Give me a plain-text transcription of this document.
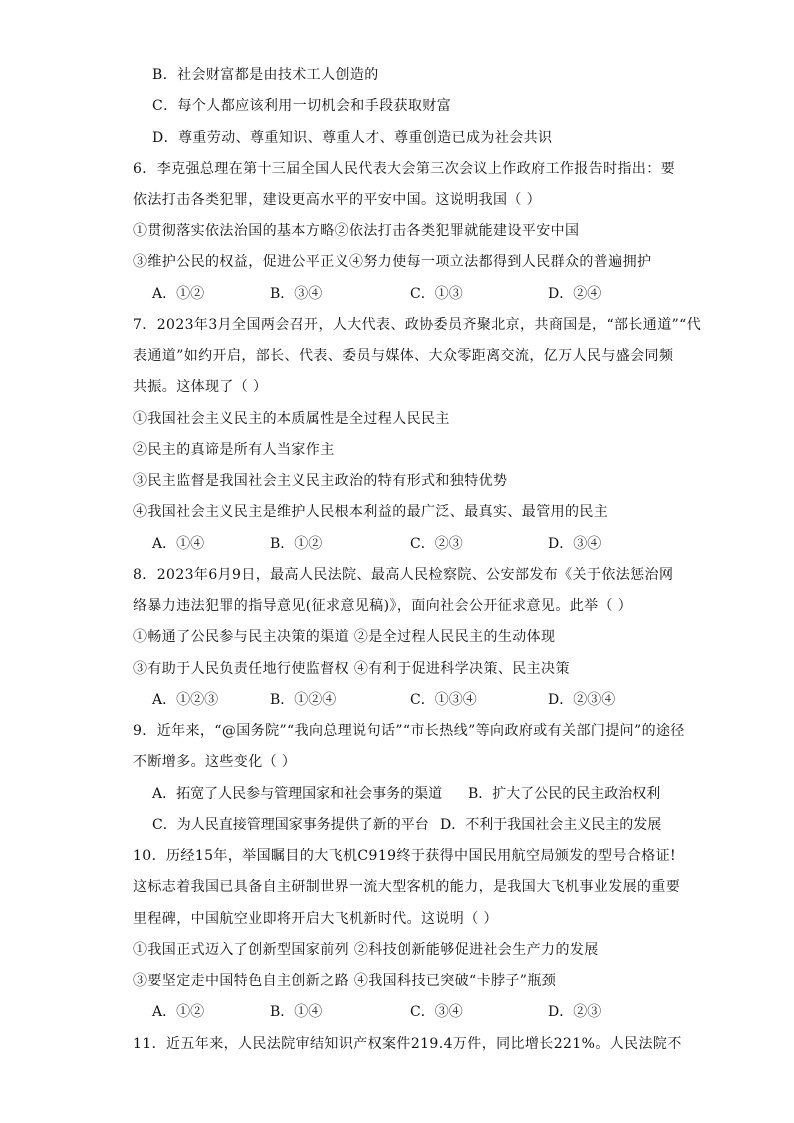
B．社会财富都是由技术工人创造的
C．每个人都应该利用一切机会和手段获取财富
D．尊重劳动、尊重知识、尊重人才、尊重创造已成为社会共识
6．李克强总理在第十三届全国人民代表大会第三次会议上作政府工作报告时指出：要
依法打击各类犯罪，建设更高水平的平安中国。这说明我国（ ）
①贯彻落实依法治国的基本方略②依法打击各类犯罪就能建设平安中国
③维护公民的权益，促进公平正义④努力使每一项立法都得到人民群众的普遍拥护
A．①②	B．③④	C．①③	D．②④
7．2023年3月全国两会召开，人大代表、政协委员齐聚北京，共商国是，“部长通道”“代
表通道”如约开启，部长、代表、委员与媒体、大众零距离交流，亿万人民与盛会同频
共振。这体现了（ ）
①我国社会主义民主的本质属性是全过程人民民主
②民主的真谛是所有人当家作主
③民主监督是我国社会主义民主政治的特有形式和独特优势
④我国社会主义民主是维护人民根本利益的最广泛、最真实、最管用的民主
A．①④	B．①②	C．②③	D．③④
8．2023年6月9日，最高人民法院、最高人民检察院、公安部发布《关于依法惩治网
络暴力违法犯罪的指导意见(征求意见稿)》，面向社会公开征求意见。此举（ ）
①畅通了公民参与民主决策的渠道 ②是全过程人民民主的生动体现
③有助于人民负责任地行使监督权 ④有利于促进科学决策、民主决策
A．①②③	B．①②④	C．①③④	D．②③④
9．近年来，“@国务院”“我向总理说句话”“市长热线”等向政府或有关部门提问”的途径
不断增多。这些变化（ ）
A．拓宽了人民参与管理国家和社会事务的渠道 B．扩大了公民的民主政治权利
C．为人民直接管理国家事务提供了新的平台 D．不利于我国社会主义民主的发展
10．历经15年，举国瞩目的大飞机C919终于获得中国民用航空局颁发的型号合格证!
这标志着我国已具备自主研制世界一流大型客机的能力，是我国大飞机事业发展的重要
里程碑，中国航空业即将开启大飞机新时代。这说明（ ）
①我国正式迈入了创新型国家前列 ②科技创新能够促进社会生产力的发展
③要坚定走中国特色自主创新之路 ④我国科技已突破“卡脖子”瓶颈
A．①②	B．①④	C．③④	D．②③
11．近五年来，人民法院审结知识产权案件219.4万件，同比增长221%。人民法院不
